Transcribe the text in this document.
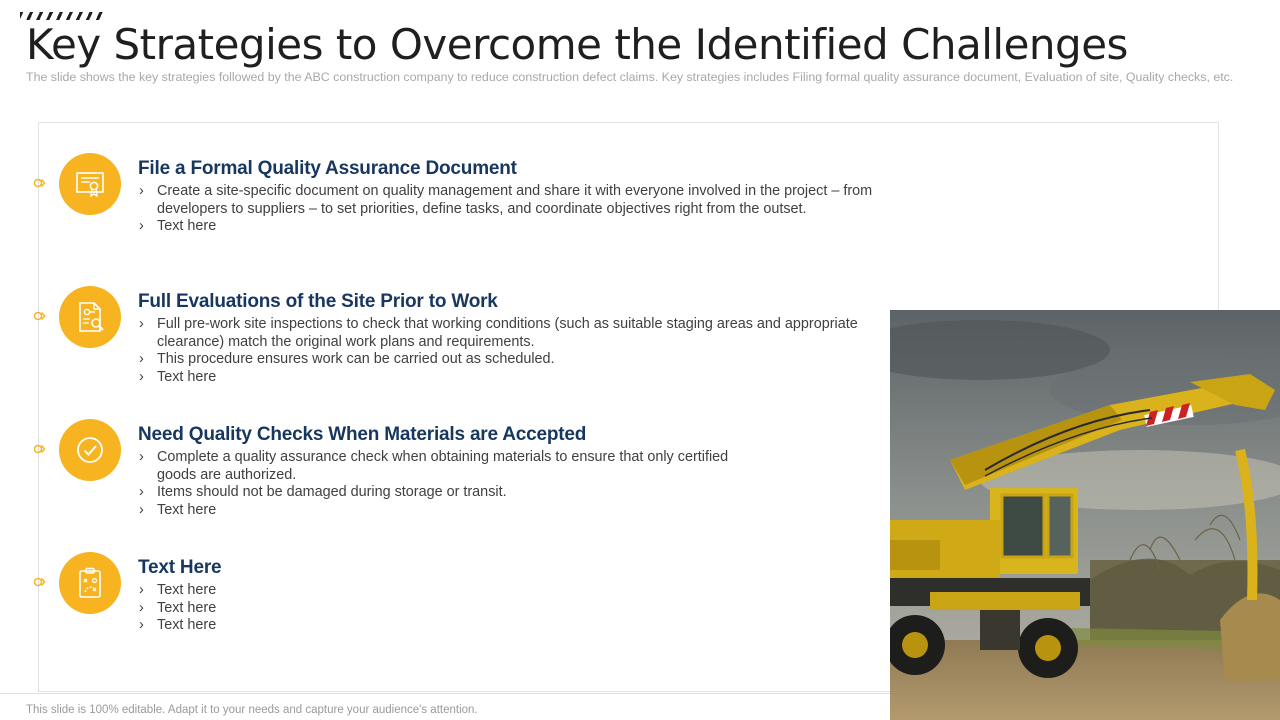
Key Strategies to Overcome the Identified Challenges

The slide shows the key strategies followed by the ABC construction company to reduce construction defect claims. Key strategies includes Filing formal quality assurance document, Evaluation of site, Quality checks, etc.

File a Formal Quality Assurance Document
› Create a site-specific document on quality management and share it with everyone involved in the project – from developers to suppliers – to set priorities, define tasks, and coordinate objectives right from the outset.
› Text here
Full Evaluations of the Site Prior to Work
› Full pre-work site inspections to check that working conditions (such as suitable staging areas and appropriate clearance) match the original work plans and requirements.
› This procedure ensures work can be carried out as scheduled.
› Text here
Need Quality Checks When Materials are Accepted
› Complete a quality assurance check when obtaining materials to ensure that only certified goods are authorized.
› Items should not be damaged during storage or transit.
› Text here
Text Here
› Text here
› Text here
› Text here

This slide is 100% editable. Adapt it to your needs and capture your audience's attention.
